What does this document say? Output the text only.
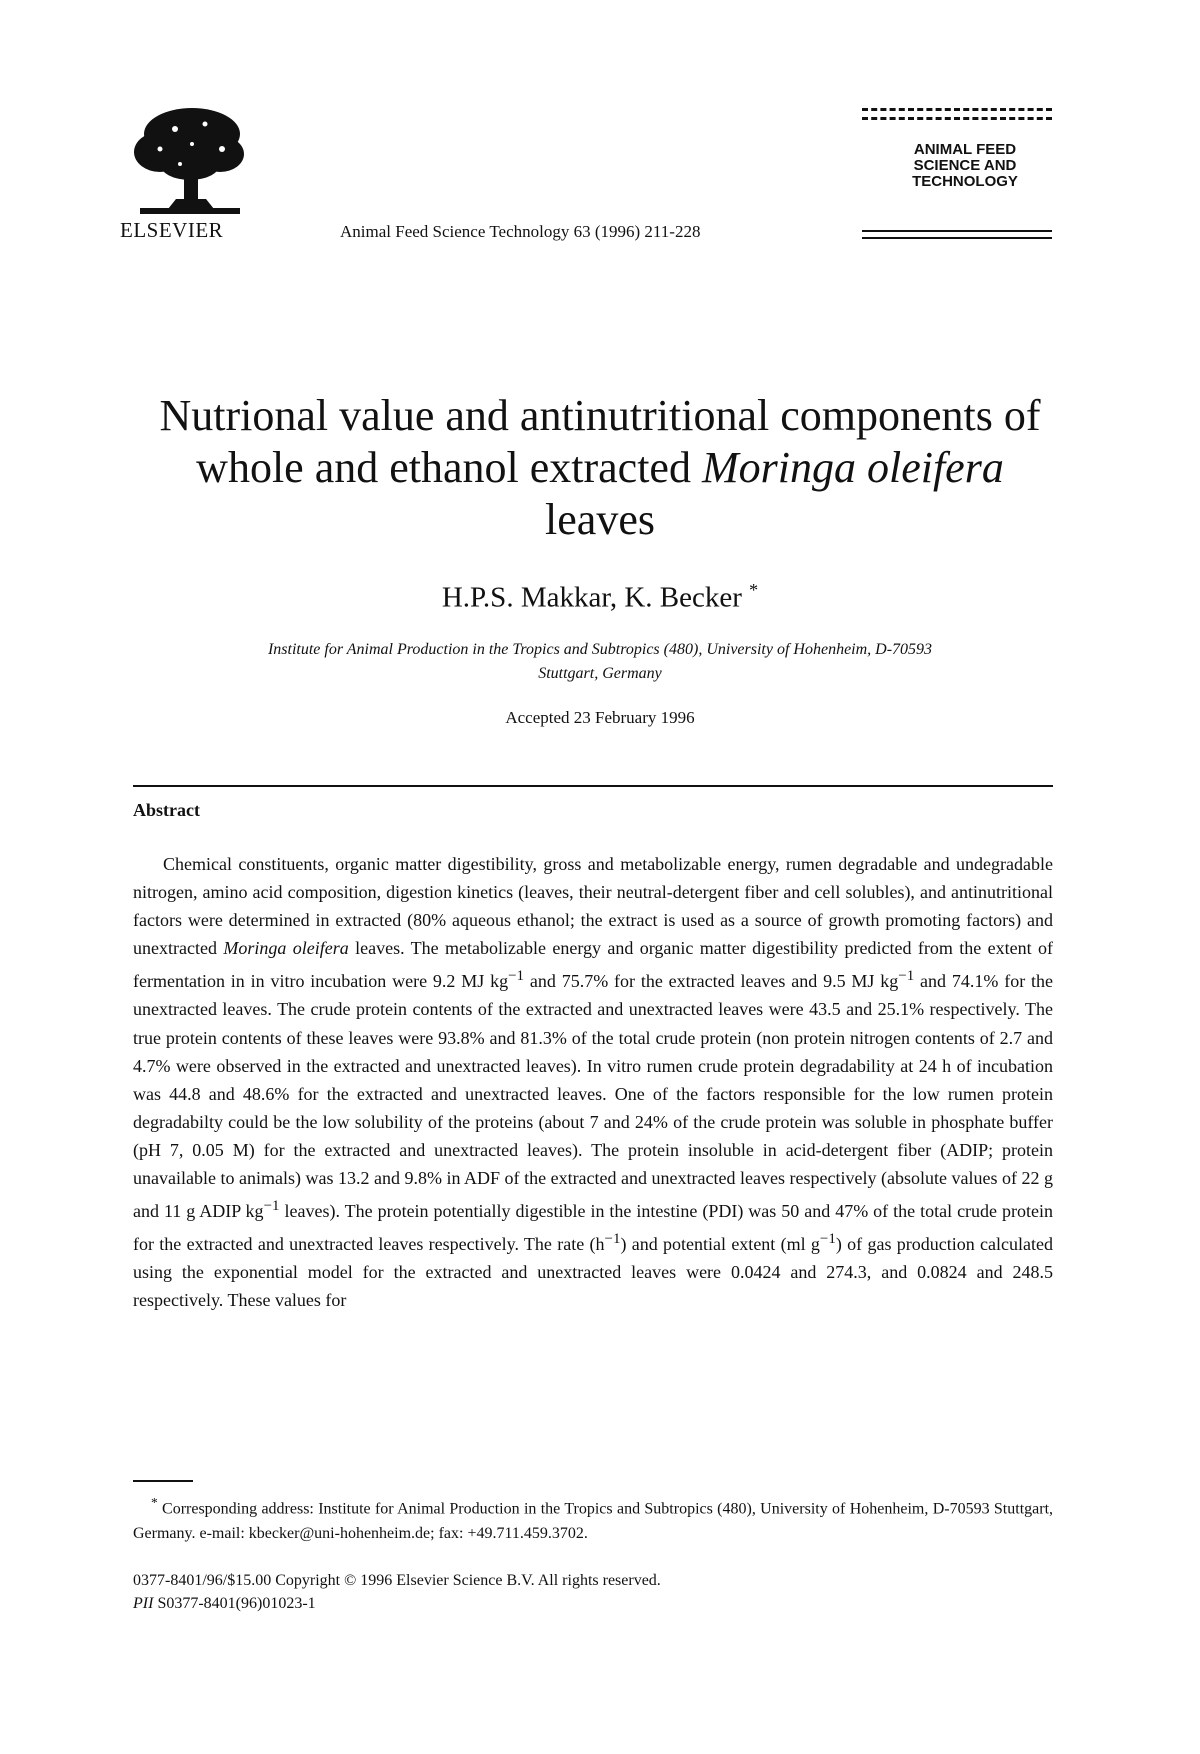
ELSEVIER	Animal Feed Science Technology 63 (1996) 211-228
ANIMAL FEED
SCIENCE AND
TECHNOLOGY
Nutrional value and antinutritional components of
whole and ethanol extracted Moringa oleifera
leaves
H.P.S. Makkar, K. Becker *
Institute for Animal Production in the Tropics and Subtropics (480), University of Hohenheim, D-70593
Stuttgart, Germany
Accepted 23 February 1996
Abstract

Chemical constituents, organic matter digestibility, gross and metabolizable energy, rumen degradable and undegradable nitrogen, amino acid composition, digestion kinetics (leaves, their neutral-detergent fiber and cell solubles), and antinutritional factors were determined in extracted (80% aqueous ethanol; the extract is used as a source of growth promoting factors) and unextracted Moringa oleifera leaves. The metabolizable energy and organic matter digestibility predicted from the extent of fermentation in in vitro incubation were 9.2 MJ $kg^{-1}$ and 75.7% for the extracted leaves and 9.5 MJ $kg^{-1}$ and 74.1% for the unextracted leaves. The crude protein contents of the extracted and unextracted leaves were 43.5 and 25.1% respectively. The true protein contents of these leaves were 93.8% and 81.3% of the total crude protein (non protein nitrogen contents of 2.7 and 4.7% were observed in the extracted and unextracted leaves). In vitro rumen crude protein degradability at 24 h of incubation was 44.8 and 48.6% for the extracted and unextracted leaves. One of the factors responsible for the low rumen protein degradabilty could be the low solubility of the proteins (about 7 and 24% of the crude protein was soluble in phosphate buffer (pH 7, 0.05 M) for the extracted and unextracted leaves). The protein insoluble in acid-detergent fiber (ADIP; protein unavailable to animals) was 13.2 and 9.8% in ADF of the extracted and unextracted leaves respectively (absolute values of 22 g and 11 g ADIP $kg^{-1}$ leaves). The protein potentially digestible in the intestine (PDI) was 50 and 47% of the total crude protein for the extracted and unextracted leaves respectively. The rate $(h^{-1})$ and potential extent (ml $g^{-1}$) of gas production calculated using the exponential model for the extracted and unextracted leaves were 0.0424 and 274.3, and 0.0824 and 248.5 respectively. These values for

* Corresponding address: Institute for Animal Production in the Tropics and Subtropics (480), University of Hohenheim, D-70593 Stuttgart, Germany. e-mail: kbecker@uni-hohenheim.de; fax: +49.711.459.3702.

0377-8401/96/$15.00 Copyright © 1996 Elsevier Science B.V. All rights reserved.
PII S0377-8401(96)01023-1
